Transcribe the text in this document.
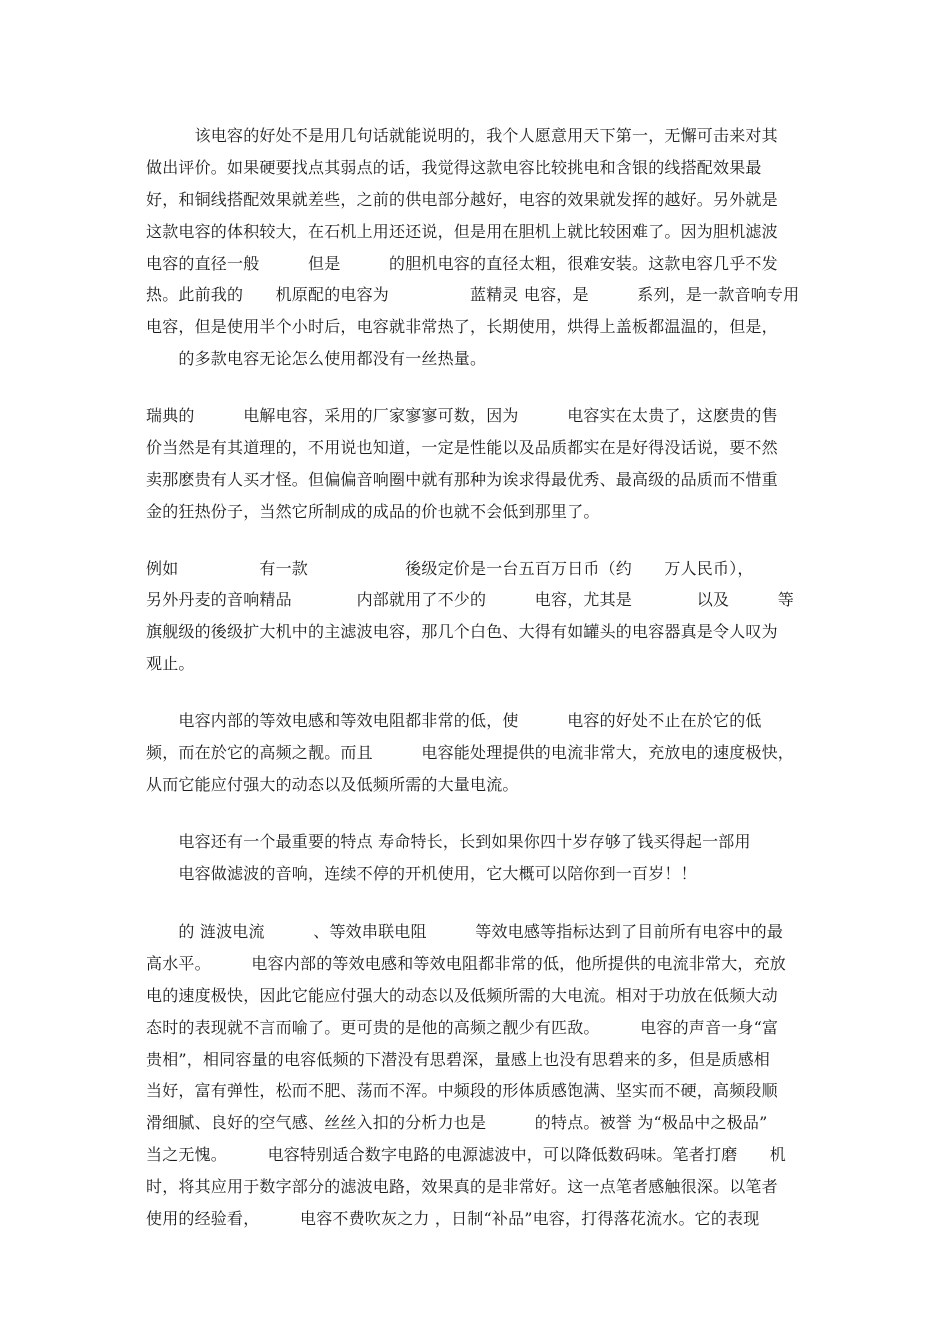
　　　该电容的好处不是用几句话就能说明的，我个人愿意用天下第一，无懈可击来对其
做出评价。如果硬要找点其弱点的话，我觉得这款电容比较挑电和含银的线搭配效果最
好，和铜线搭配效果就差些，之前的供电部分越好，电容的效果就发挥的越好。另外就是
这款电容的体积较大，在石机上用还还说，但是用在胆机上就比较困难了。因为胆机滤波
电容的直径一般　　　但是　　　的胆机电容的直径太粗，很难安装。这款电容几乎不发
热。此前我的　　机原配的电容为　　　　　蓝精灵 电容，是　　　系列，是一款音响专用
电容，但是使用半个小时后，电容就非常热了，长期使用，烘得上盖板都温温的，但是，
　　的多款电容无论怎么使用都没有一丝热量。
瑞典的　　　电解电容，采用的厂家寥寥可数，因为　　　电容实在太贵了，这麽贵的售
价当然是有其道理的，不用说也知道，一定是性能以及品质都实在是好得没话说，要不然
卖那麽贵有人买才怪。但偏偏音响圈中就有那种为诶求得最优秀、最高级的品质而不惜重
金的狂热份子，当然它所制成的成品的价也就不会低到那里了。
例如　　　　　有一款　　　　　　後级定价是一台五百万日币（约　　万人民币），
另外丹麦的音响精品　　　　内部就用了不少的　　　电容，尤其是　　　　以及　　　等
旗舰级的後级扩大机中的主滤波电容，那几个白色、大得有如罐头的电容器真是令人叹为
观止。
　　电容内部的等效电感和等效电阻都非常的低，使　　　电容的好处不止在於它的低
频，而在於它的高频之靓。而且　　　电容能处理提供的电流非常大，充放电的速度极快，
从而它能应付强大的动态以及低频所需的大量电流。
　　电容还有一个最重要的特点 寿命特长，长到如果你四十岁存够了钱买得起一部用
　　电容做滤波的音响，连续不停的开机使用，它大概可以陪你到一百岁！！
　　的 涟波电流　　　、等效串联电阻　　　等效电感等指标达到了目前所有电容中的最
高水平。　　　电容内部的等效电感和等效电阻都非常的低，他所提供的电流非常大，充放
电的速度极快，因此它能应付强大的动态以及低频所需的大电流。相对于功放在低频大动
态时的表现就不言而喻了。更可贵的是他的高频之靓少有匹敌。　　　电容的声音一身“富
贵相”，相同容量的电容低频的下潜没有思碧深，量感上也没有思碧来的多，但是质感相
当好，富有弹性，松而不肥、荡而不浑。中频段的形体质感饱满、坚实而不硬，高频段顺
滑细腻、良好的空气感、丝丝入扣的分析力也是　　　的特点。被誉 为“极品中之极品”
当之无愧。　　　电容特别适合数字电路的电源滤波中，可以降低数码味。笔者打磨　　机
时，将其应用于数字部分的滤波电路，效果真的是非常好。这一点笔者感触很深。以笔者
使用的经验看，　　　电容不费吹灰之力 ，日制“补品”电容，打得落花流水。它的表现
